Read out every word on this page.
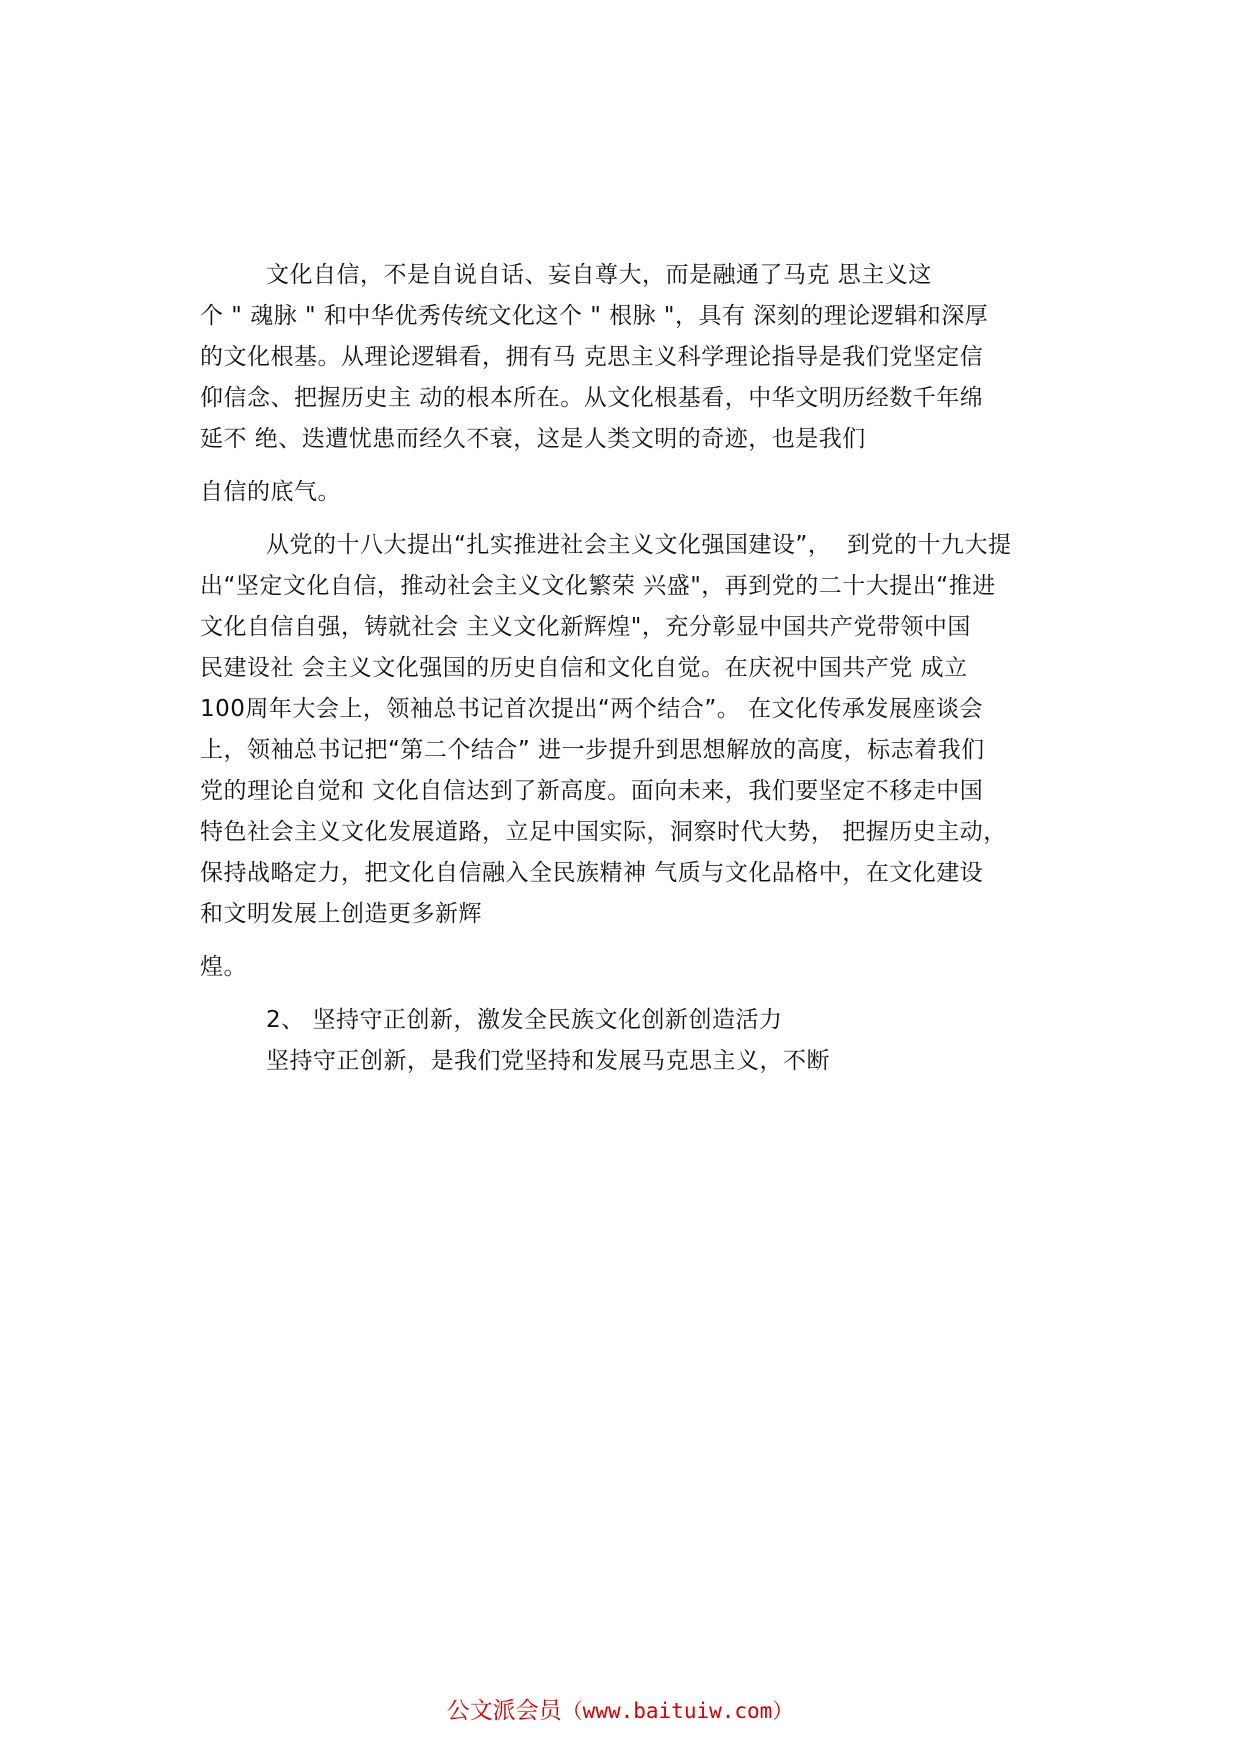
文化自信，不是自说自话、妄自尊大，而是融通了马克 思主义这
个 " 魂脉 " 和中华优秀传统文化这个 " 根脉 "，具有 深刻的理论逻辑和深厚
的文化根基。从理论逻辑看，拥有马 克思主义科学理论指导是我们党坚定信
仰信念、把握历史主 动的根本所在。从文化根基看，中华文明历经数千年绵
延不 绝、迭遭忧患而经久不衰，这是人类文明的奇迹，也是我们
自信的底气。
从党的十八大提出“扎实推进社会主义文化强国建设”，  到党的十九大提
出“坚定文化自信，推动社会主义文化繁荣 兴盛"，再到党的二十大提出“推进
文化自信自强，铸就社会 主义文化新辉煌"，充分彰显中国共产党带领中国
民建设社 会主义文化强国的历史自信和文化自觉。在庆祝中国共产党 成立
100周年大会上，领袖总书记首次提出“两个结合”。 在文化传承发展座谈会
上，领袖总书记把“第二个结合” 进一步提升到思想解放的高度，标志着我们
党的理论自觉和 文化自信达到了新高度。面向未来，我们要坚定不移走中国
特色社会主义文化发展道路，立足中国实际，洞察时代大势， 把握历史主动，
保持战略定力，把文化自信融入全民族精神 气质与文化品格中，在文化建设
和文明发展上创造更多新辉
煌。
2、 坚持守正创新，激发全民族文化创新创造活力
坚持守正创新，是我们党坚持和发展马克思主义，不断
公文派会员（www.baituiw.com）
